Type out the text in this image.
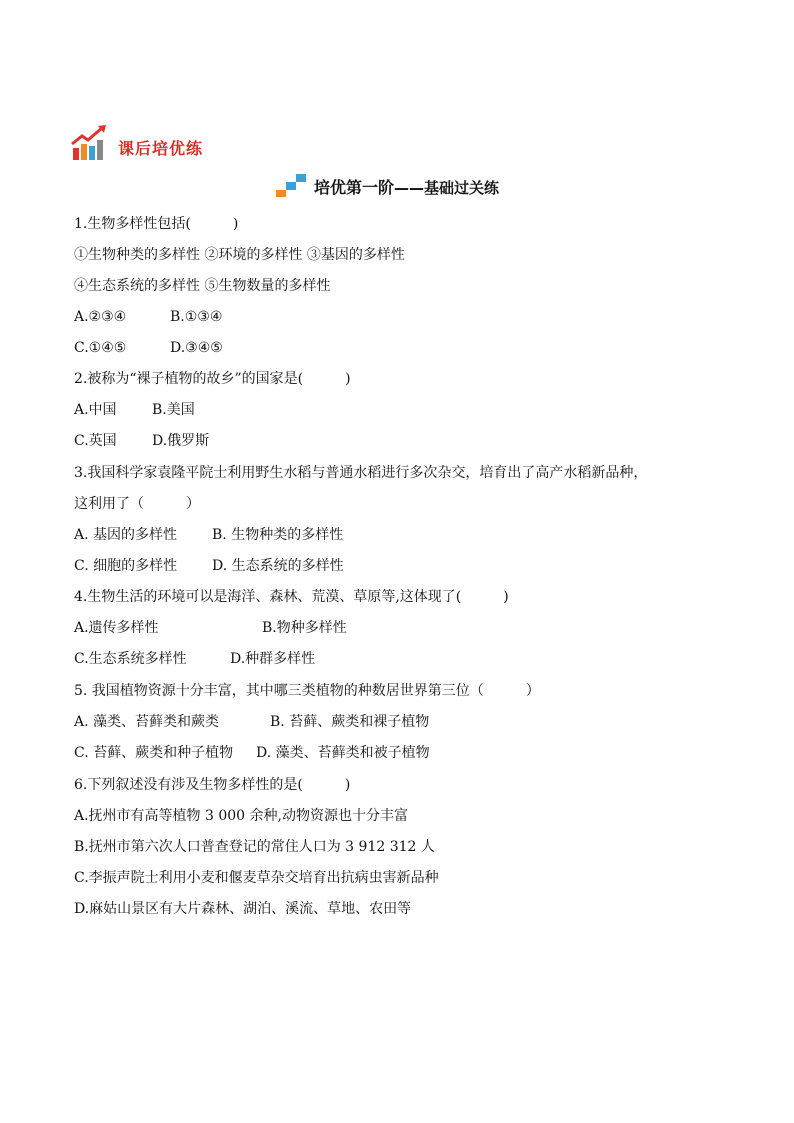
课后培优练
培优第一阶——基础过关练
1.生物多样性包括(	)
①生物种类的多样性 ②环境的多样性 ③基因的多样性
④生态系统的多样性 ⑤生物数量的多样性
A.②③④	B.①③④
C.①④⑤	D.③④⑤
2.被称为“裸子植物的故乡”的国家是(	)
A.中国	B.美国
C.英国	D.俄罗斯
3.我国科学家袁隆平院士利用野生水稻与普通水稻进行多次杂交，培育出了高产水稻新品种，
这利用了（	）
A. 基因的多样性 B. 生物种类的多样性
C. 细胞的多样性 D. 生态系统的多样性
4.生物生活的环境可以是海洋、森林、荒漠、草原等,这体现了(	)
A.遗传多样性	B.物种多样性
C.生态系统多样性	D.种群多样性
5. 我国植物资源十分丰富，其中哪三类植物的种数居世界第三位（	）
A. 藻类、苔藓类和蕨类	B. 苔藓、蕨类和裸子植物
C. 苔藓、蕨类和种子植物 D. 藻类、苔藓类和被子植物
6.下列叙述没有涉及生物多样性的是(	)
A.抚州市有高等植物 3 000 余种,动物资源也十分丰富
B.抚州市第六次人口普查登记的常住人口为 3 912 312 人
C.李振声院士利用小麦和偃麦草杂交培育出抗病虫害新品种
D.麻姑山景区有大片森林、湖泊、溪流、草地、农田等
